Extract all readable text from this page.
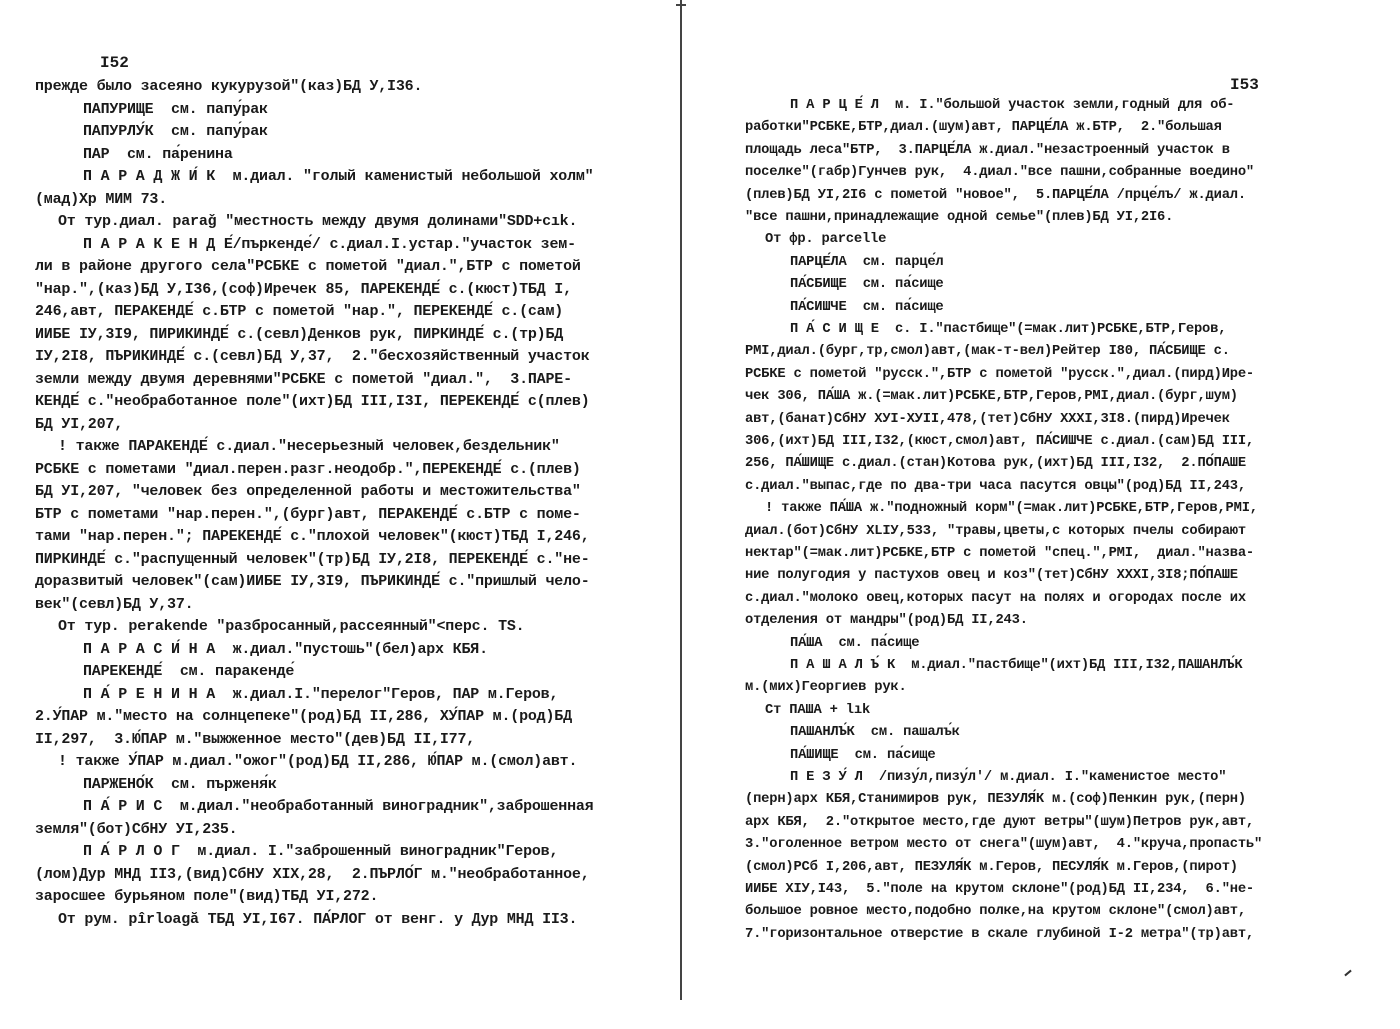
I52
прежде было засеяно кукурузой"(каз)БД У,I36.
ПАПУРИЩЕ  см. папу́рак
ПАПУРЛУ́К  см. папу́рак
ПАР  см. па́ренина
П А Р А Д Ж И́ К  м.диал. "голый каменистый небольшой холм"
(мад)Хр МИМ 73.
От тур.диал. paraǧ "местность между двумя долинами"SDD+cık.
П А Р А К Е Н Д Е́/пъркенде́/ с.диал.I.устар."участок зем-
ли в районе другого села"РСБКЕ с пометой "диал.",БТР с пометой
"нар.",(каз)БД У,I36,(соф)Иречек 85, ПАРЕКЕНДЕ́ с.(кюст)ТБД I,
246,авт, ПЕРАКЕНДЕ́ с.БТР с пометой "нар.", ПЕРЕКЕНДЕ́ с.(сам)
ИИБЕ IУ,3I9, ПИРИКИНДЕ́ с.(севл)Денков рук, ПИРКИНДЕ́ с.(тр)БД
IУ,2I8, ПЪРИКИНДЕ́ с.(севл)БД У,37,  2."бесхозяйственный участок
земли между двумя деревнями"РСБКЕ с пометой "диал.",  3.ПАРЕ-
КЕНДЕ́ с."необработанное поле"(ихт)БД III,I3I, ПЕРЕКЕНДЕ́ с(плев)
БД УI,207,
! также ПАРАКЕНДЕ́ с.диал."несерьезный человек,бездельник"
РСБКЕ с пометами "диал.перен.разг.неодобр.",ПЕРЕКЕНДЕ́ с.(плев)
БД УI,207, "человек без определенной работы и местожительства"
БТР с пометами "нар.перен.",(бург)авт, ПЕРАКЕНДЕ́ с.БТР с поме-
тами "нар.перен."; ПАРЕКЕНДЕ́ с."плохой человек"(кюст)ТБД I,246,
ПИРКИНДЕ́ с."распущенный человек"(тр)БД IУ,2I8, ПЕРЕКЕНДЕ́ с."не-
доразвитый человек"(сам)ИИБЕ IУ,3I9, ПЪРИКИНДЕ́ с."пришлый чело-
век"(севл)БД У,37.
От тур. perakende "разбросанный,рассеянный"<перс. TS.
П А Р А С И́ Н А  ж.диал."пустошь"(бел)арх КБЯ.
ПАРЕКЕНДЕ́  см. паракенде́
П А́ Р Е Н И Н А  ж.диал.I."перелог"Геров, ПАР м.Геров,
2.У́ПАР м."место на солнцепеке"(род)БД II,286, ХУ́ПАР м.(род)БД
II,297,  3.Ю́ПАР м."выжженное место"(дев)БД II,I77,
! также У́ПАР м.диал."ожог"(род)БД II,286, Ю́ПАР м.(смол)авт.
ПАРЖЕНО́К  см. пърженя́к
П А́ Р И С  м.диал."необработанный виноградник",заброшенная
земля"(бот)СбНУ УI,235.
П А́ Р Л О Г  м.диал. I."заброшенный виноградник"Геров,
(лом)Дур МНД II3,(вид)СбНУ XIX,28,  2.ПЪРЛО́Г м."необработанное,
заросшее бурьяном поле"(вид)ТБД УI,272.
От рум. pîrloagă ТБД УI,I67. ПА́РЛОГ от венг. у Дур МНД II3.
I53
П А Р Ц Е́ Л  м. I."большой участок земли,годный для об-
работки"РСБКЕ,БТР,диал.(шум)авт, ПАРЦЕ́ЛА ж.БТР,  2."большая
площадь леса"БТР,  3.ПАРЦЕ́ЛА ж.диал."незастроенный участок в
поселке"(габр)Гунчев рук,  4.диал."все пашни,собранные воедино"
(плев)БД УI,2I6 с пометой "новое",  5.ПАРЦЕ́ЛА /прце́лъ/ ж.диал.
"все пашни,принадлежащие одной семье"(плев)БД УI,2I6.
От фр. parcelle
ПАРЦЕ́ЛА  см. парце́л
ПА́СБИЩЕ  см. па́сище
ПА́СИШЧЕ  см. па́сище
П А́ С И Щ Е  с. I."пастбище"(=мак.лит)РСБКЕ,БТР,Геров,
PMI,диал.(бург,тр,смол)авт,(мак-т-вел)Рейтер I80, ПА́СБИЩЕ с.
РСБКЕ с пометой "русск.",БТР с пометой "русск.",диал.(пирд)Ире-
чек 306, ПА́ША ж.(=мак.лит)РСБКЕ,БТР,Геров,PMI,диал.(бург,шум)
авт,(банат)СбНУ ХУI-ХУII,478,(тет)СбНУ XXXI,3I8.(пирд)Иречек
306,(ихт)БД III,I32,(кюст,смол)авт, ПА́СИШЧЕ с.диал.(сам)БД III,
256, ПА́ШИЩЕ с.диал.(стан)Котова рук,(ихт)БД III,I32,  2.ПО́ПАШЕ
с.диал."выпас,где по два-три часа пасутся овцы"(род)БД II,243,
! также ПА́ША ж."подножный корм"(=мак.лит)РСБКЕ,БТР,Геров,PMI,
диал.(бот)СбНУ XLIУ,533, "травы,цветы,с которых пчелы собирают
нектар"(=мак.лит)РСБКЕ,БТР с пометой "спец.",PMI,  диал."назва-
ние полугодия у пастухов овец и коз"(тет)СбНУ XXXI,3I8;ПО́ПАШЕ
с.диал."молоко овец,которых пасут на полях и огородах после их
отделения от мандры"(род)БД II,243.
ПА́ША  см. па́сище
П А Ш А Л Ъ́ К  м.диал."пастбище"(ихт)БД III,I32,ПАШАНЛЪ́К
м.(мих)Георгиев рук.
Ст ПАША + lık
ПАШАНЛЪ́К  см. пашалъ́к
ПА́ШИЩЕ  см. па́сище
П Е З У́ Л  /пизу́л,пизу́л'/ м.диал. I."каменистое место"
(перн)арх КБЯ,Станимиров рук, ПЕЗУЛЯ́К м.(соф)Пенкин рук,(перн)
арх КБЯ,  2."открытое место,где дуют ветры"(шум)Петров рук,авт,
3."оголенное ветром место от снега"(шум)авт,  4."круча,пропасть"
(смол)РСб I,206,авт, ПЕЗУЛЯ́К м.Геров, ПЕСУЛЯ́К м.Геров,(пирот)
ИИБЕ ХIУ,I43,  5."поле на крутом склоне"(род)БД II,234,  6."не-
большое ровное место,подобно полке,на крутом склоне"(смол)авт,
7."горизонтальное отверстие в скале глубиной I-2 метра"(тр)авт,
